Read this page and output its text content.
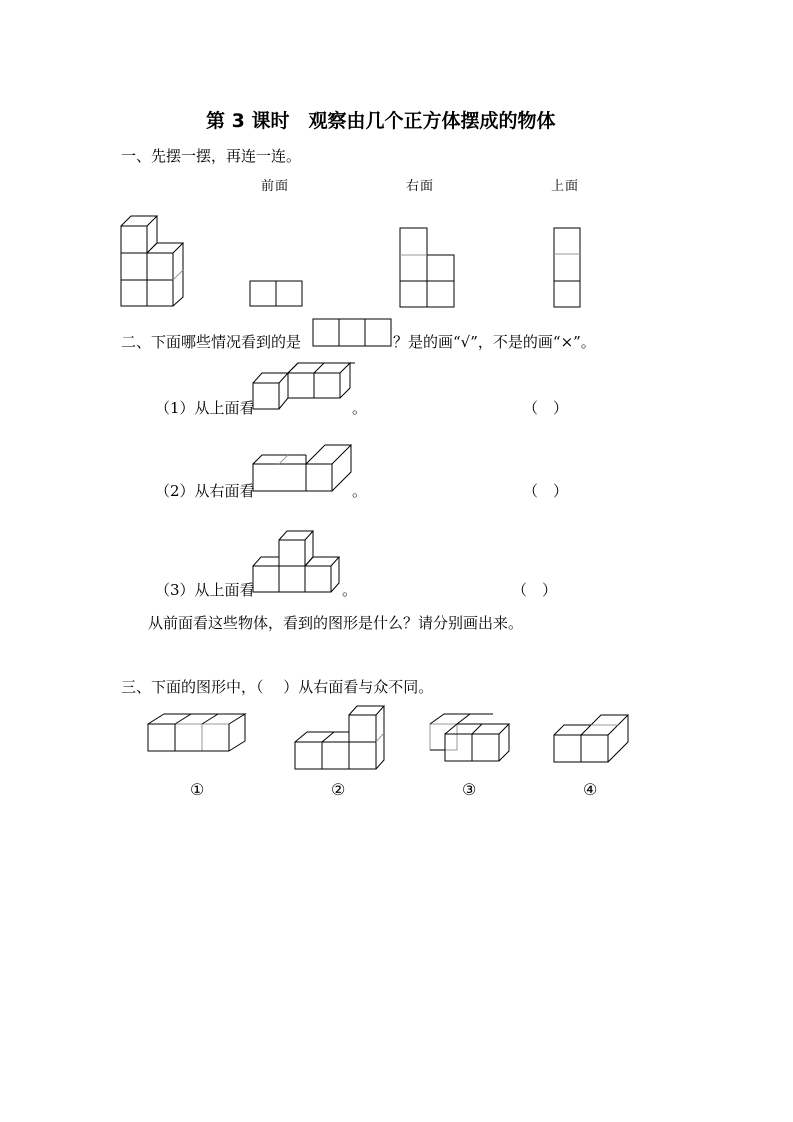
第 3 课时　观察由几个正方体摆成的物体
一、先摆一摆，再连一连。
前面	右面	上面
二、下面哪些情况看到的是	？是的画“√”，不是的画“×”。
（1）从上面看	。	（　）
（2）从右面看	。	（　）
（3）从上面看	。	（　）
从前面看这些物体，看到的图形是什么？请分别画出来。
三、下面的图形中，（　 ）从右面看与众不同。
①	②	③	④
